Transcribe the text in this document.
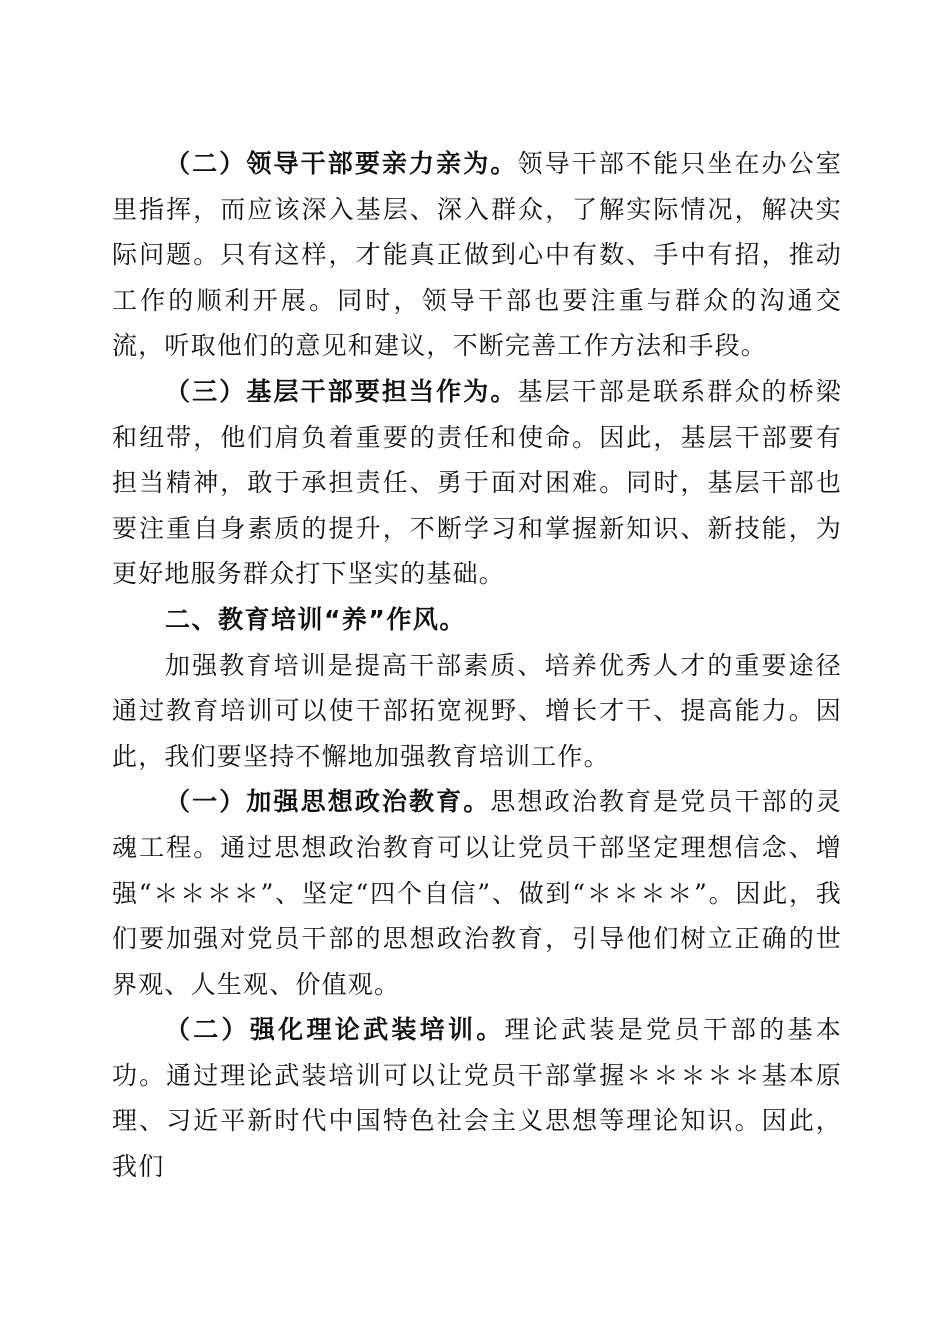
（二）领导干部要亲力亲为。领导干部不能只坐在办公室里指挥，而应该深入基层、深入群众，了解实际情况，解决实际问题。只有这样，才能真正做到心中有数、手中有招，推动工作的顺利开展。同时，领导干部也要注重与群众的沟通交流，听取他们的意见和建议，不断完善工作方法和手段。

（三）基层干部要担当作为。基层干部是联系群众的桥梁和纽带，他们肩负着重要的责任和使命。因此，基层干部要有担当精神，敢于承担责任、勇于面对困难。同时，基层干部也要注重自身素质的提升，不断学习和掌握新知识、新技能，为更好地服务群众打下坚实的基础。

二、教育培训“养”作风。

加强教育培训是提高干部素质、培养优秀人才的重要途径通过教育培训可以使干部拓宽视野、增长才干、提高能力。因此，我们要坚持不懈地加强教育培训工作。

（一）加强思想政治教育。思想政治教育是党员干部的灵魂工程。通过思想政治教育可以让党员干部坚定理想信念、增强“＊＊＊＊”、坚定“四个自信”、做到“＊＊＊＊”。因此，我们要加强对党员干部的思想政治教育，引导他们树立正确的世界观、人生观、价值观。

（二）强化理论武装培训。理论武装是党员干部的基本功。通过理论武装培训可以让党员干部掌握＊＊＊＊＊基本原理、习近平新时代中国特色社会主义思想等理论知识。因此，我们
